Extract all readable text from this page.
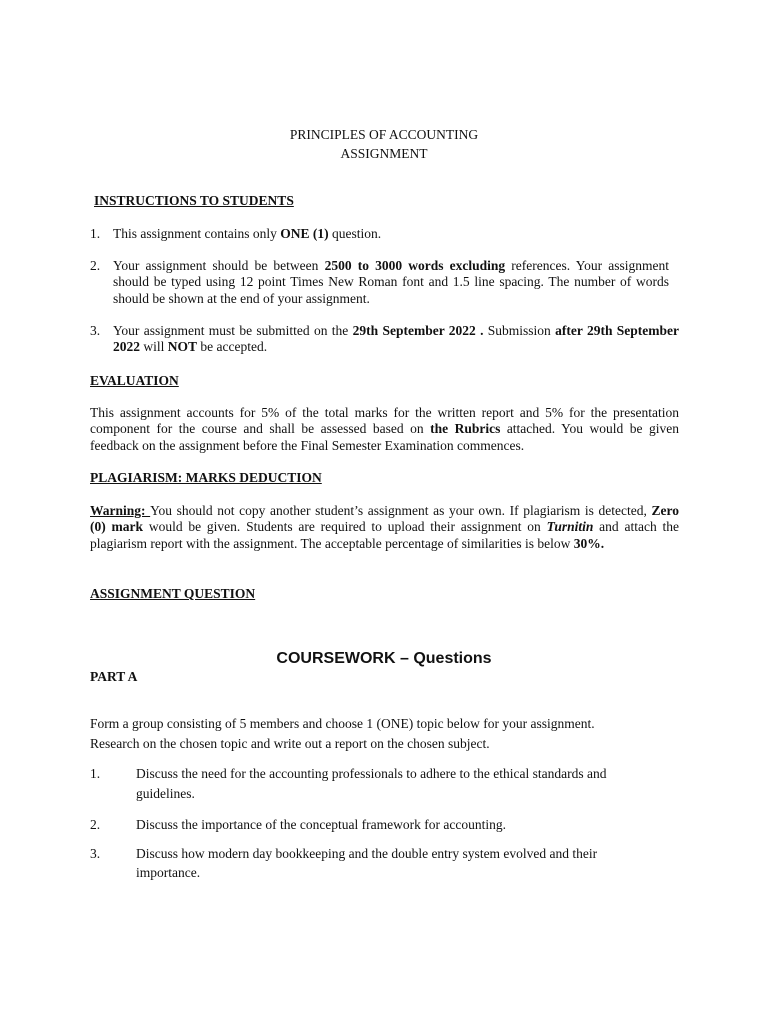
PRINCIPLES OF ACCOUNTING
ASSIGNMENT
INSTRUCTIONS TO STUDENTS
1. This assignment contains only ONE (1) question.
2. Your assignment should be between 2500 to 3000 words excluding references. Your assignment should be typed using 12 point Times New Roman font and 1.5 line spacing. The number of words should be shown at the end of your assignment.
3. Your assignment must be submitted on the 29th September 2022 . Submission after 29th September 2022 will NOT be accepted.
EVALUATION
This assignment accounts for 5% of the total marks for the written report and 5% for the presentation component for the course and shall be assessed based on the Rubrics attached. You would be given feedback on the assignment before the Final Semester Examination commences.
PLAGIARISM: MARKS DEDUCTION
Warning: You should not copy another student’s assignment as your own. If plagiarism is detected, Zero (0) mark would be given. Students are required to upload their assignment on Turnitin and attach the plagiarism report with the assignment. The acceptable percentage of similarities is below 30%.
ASSIGNMENT QUESTION
COURSEWORK – Questions
PART A
Form a group consisting of 5 members and choose 1 (ONE) topic below for your assignment.
Research on the chosen topic and write out a report on the chosen subject.
1.	Discuss the need for the accounting professionals to adhere to the ethical standards and
guidelines.
2.	Discuss the importance of the conceptual framework for accounting.
3.	Discuss how modern day bookkeeping and the double entry system evolved and their
importance.
